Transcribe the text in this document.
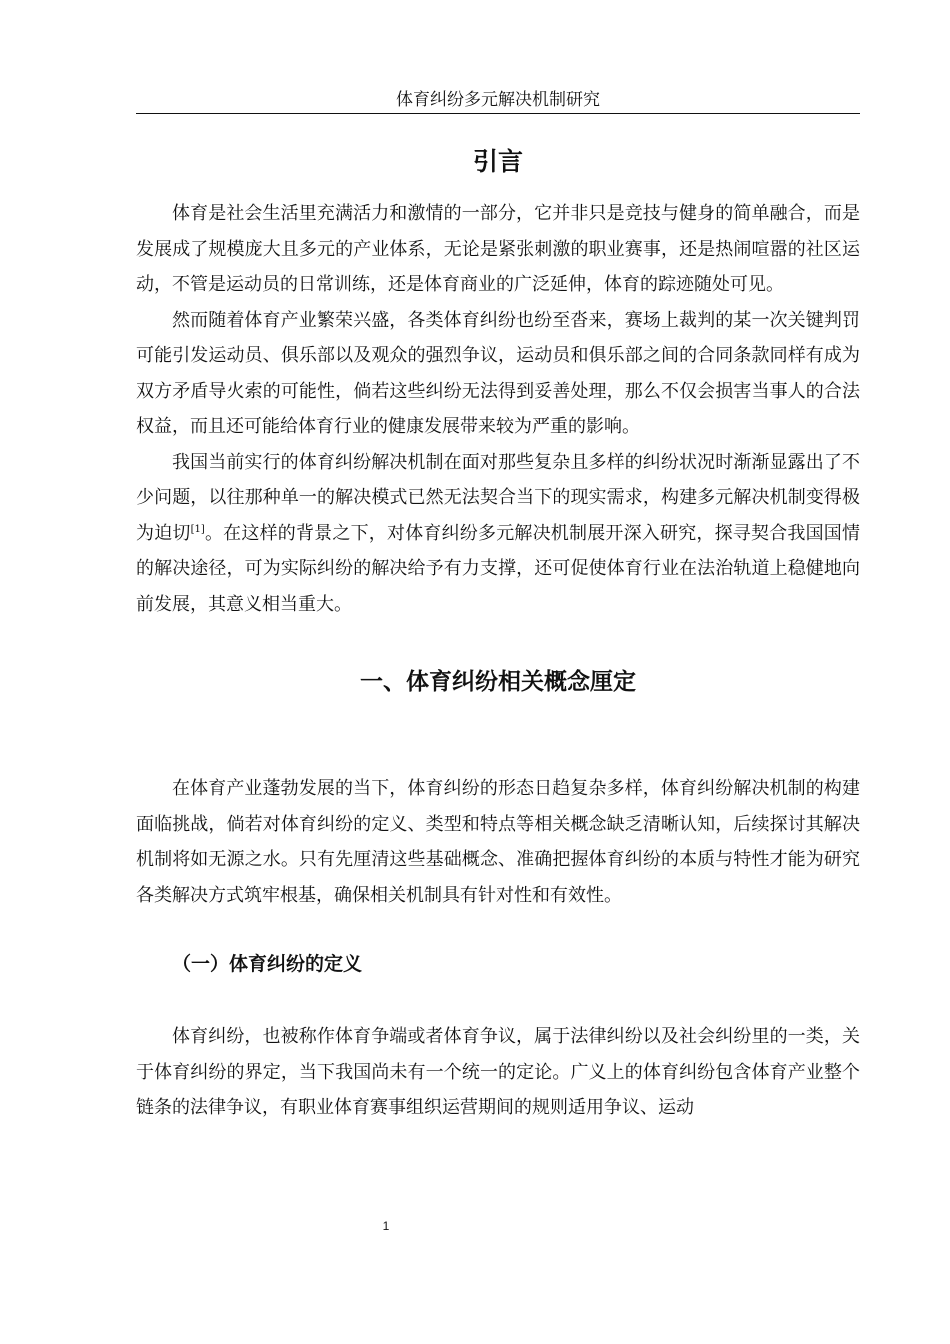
体育纠纷多元解决机制研究
引言

体育是社会生活里充满活力和激情的一部分，它并非只是竞技与健身的简单融合，而是发展成了规模庞大且多元的产业体系，无论是紧张刺激的职业赛事，还是热闹喧嚣的社区运动，不管是运动员的日常训练，还是体育商业的广泛延伸，体育的踪迹随处可见。

然而随着体育产业繁荣兴盛，各类体育纠纷也纷至沓来，赛场上裁判的某一次关键判罚可能引发运动员、俱乐部以及观众的强烈争议，运动员和俱乐部之间的合同条款同样有成为双方矛盾导火索的可能性，倘若这些纠纷无法得到妥善处理，那么不仅会损害当事人的合法权益，而且还可能给体育行业的健康发展带来较为严重的影响。

我国当前实行的体育纠纷解决机制在面对那些复杂且多样的纠纷状况时渐渐显露出了不少问题，以往那种单一的解决模式已然无法契合当下的现实需求，构建多元解决机制变得极为迫切[1]。在这样的背景之下，对体育纠纷多元解决机制展开深入研究，探寻契合我国国情的解决途径，可为实际纠纷的解决给予有力支撑，还可促使体育行业在法治轨道上稳健地向前发展，其意义相当重大。

一、体育纠纷相关概念厘定

在体育产业蓬勃发展的当下，体育纠纷的形态日趋复杂多样，体育纠纷解决机制的构建面临挑战，倘若对体育纠纷的定义、类型和特点等相关概念缺乏清晰认知，后续探讨其解决机制将如无源之水。只有先厘清这些基础概念、准确把握体育纠纷的本质与特性才能为研究各类解决方式筑牢根基，确保相关机制具有针对性和有效性。

（一）体育纠纷的定义

体育纠纷，也被称作体育争端或者体育争议，属于法律纠纷以及社会纠纷里的一类，关于体育纠纷的界定，当下我国尚未有一个统一的定论。广义上的体育纠纷包含体育产业整个链条的法律争议，有职业体育赛事组织运营期间的规则适用争议、运动

1
